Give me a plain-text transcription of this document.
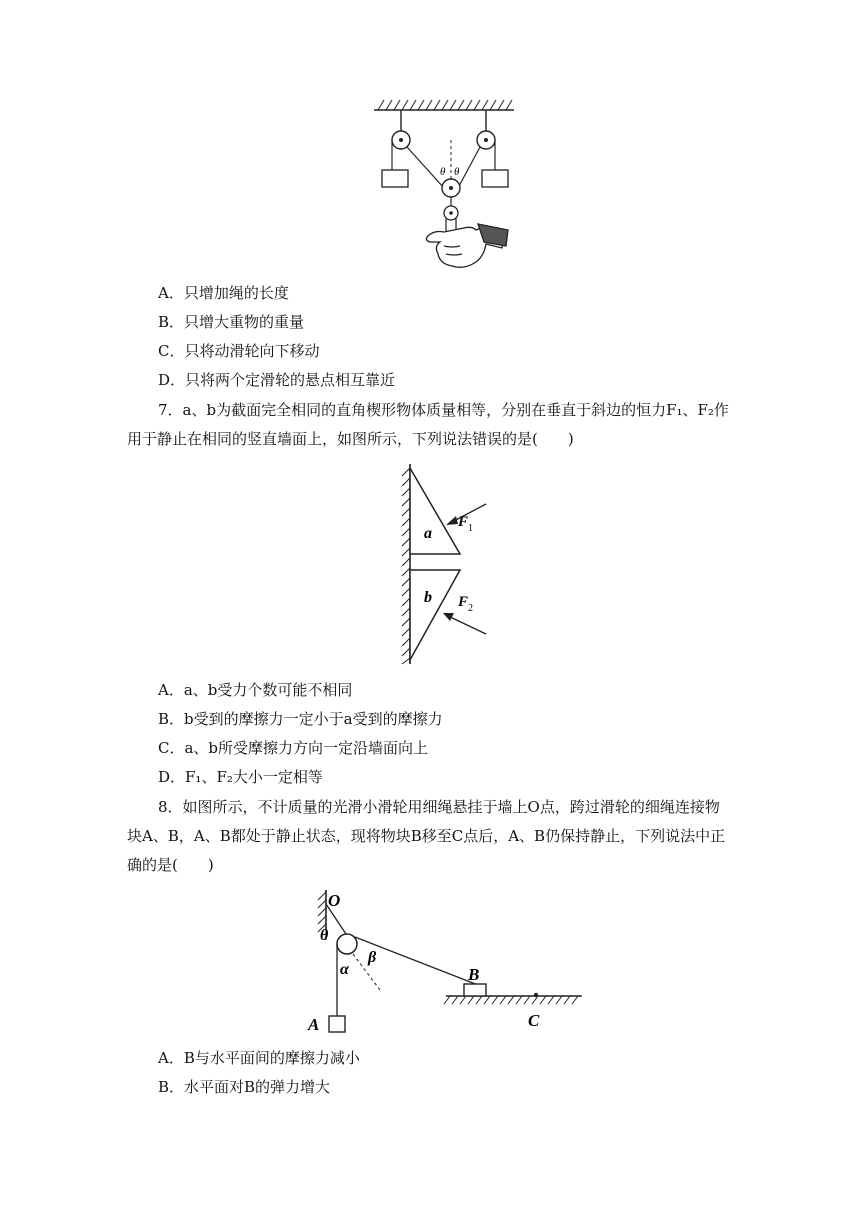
θ θ
A．只增加绳的长度
B．只增大重物的重量
C．只将动滑轮向下移动
D．只将两个定滑轮的悬点相互靠近
7．a、b为截面完全相同的直角楔形物体质量相等，分别在垂直于斜边的恒力F₁、F₂作
用于静止在相同的竖直墙面上，如图所示，下列说法错误的是(　　)
a
b
F 1
F 2
A．a、b受力个数可能不相同
B．b受到的摩擦力一定小于a受到的摩擦力
C．a、b所受摩擦力方向一定沿墙面向上
D．F₁、F₂大小一定相等
8．如图所示，不计质量的光滑小滑轮用细绳悬挂于墙上O点，跨过滑轮的细绳连接物
块A、B，A、B都处于静止状态，现将物块B移至C点后，A、B仍保持静止，下列说法中正
确的是(　　)
O
θ
α
β
A
B
C
A．B与水平面间的摩擦力减小
B．水平面对B的弹力增大
